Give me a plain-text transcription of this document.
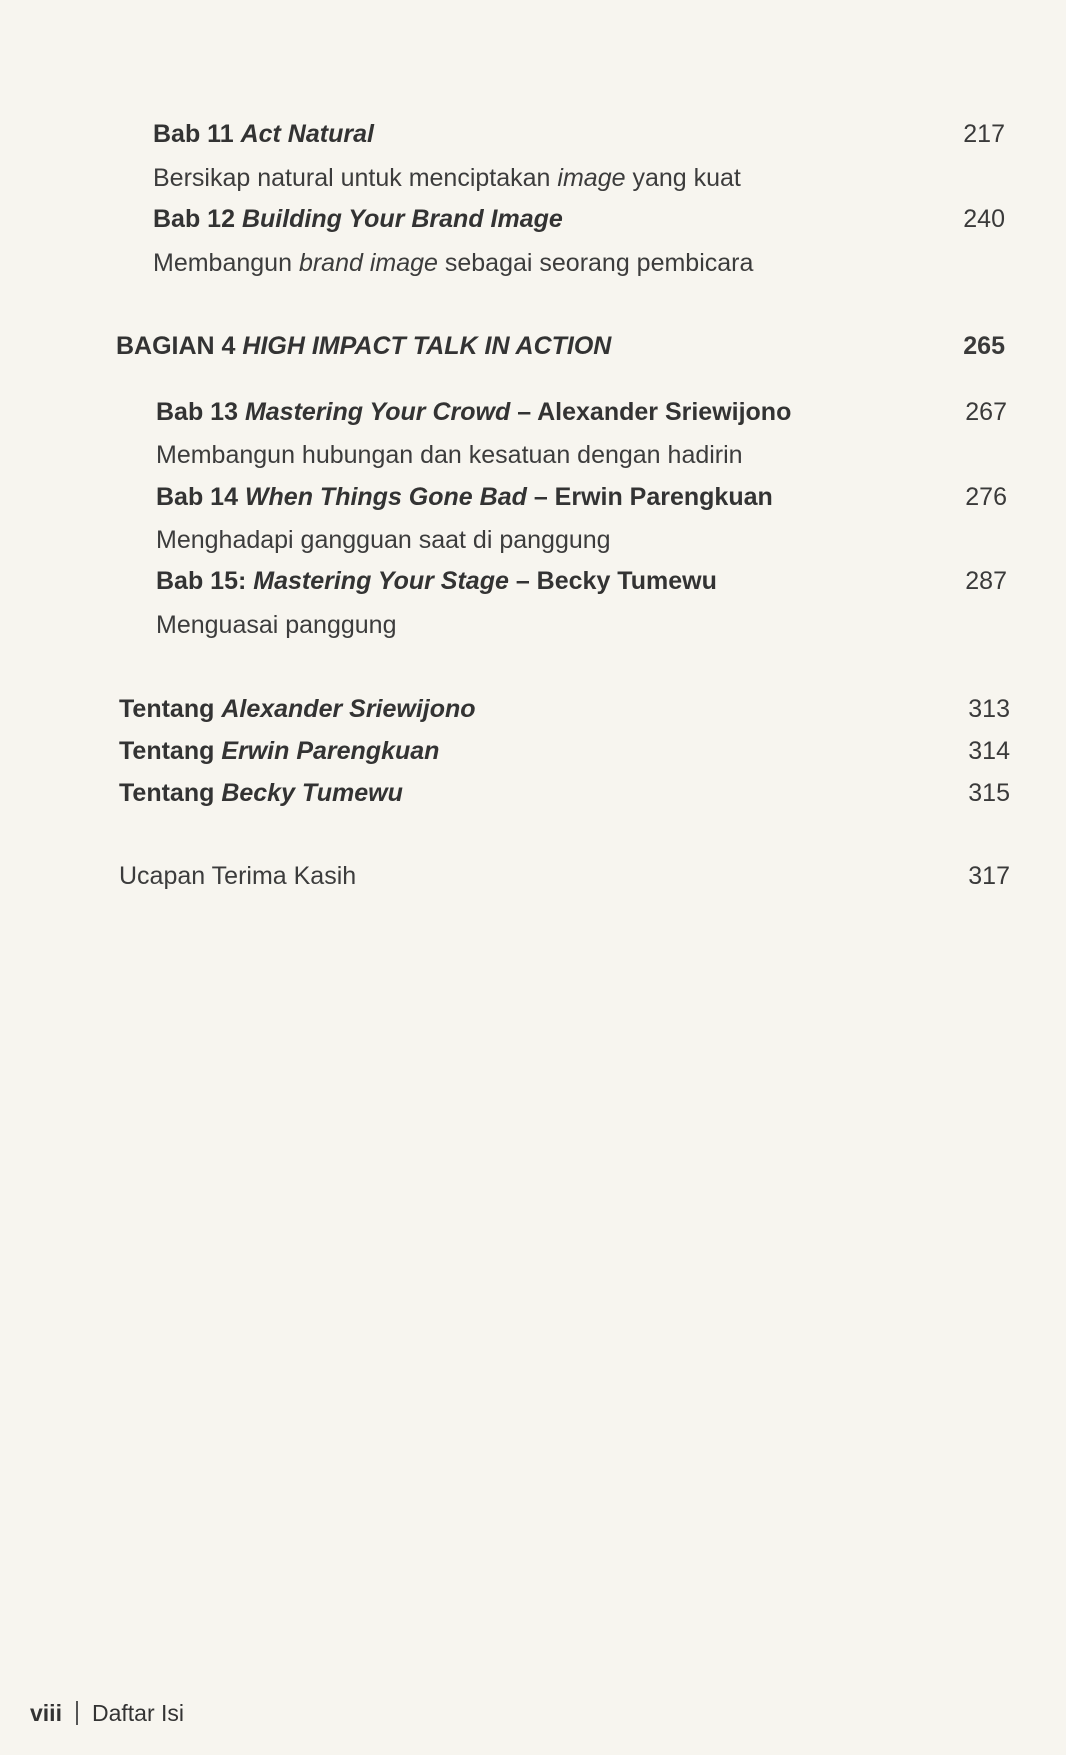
Bab 11 Act Natural	217
Bersikap natural untuk menciptakan image yang kuat
Bab 12 Building Your Brand Image	240
Membangun brand image sebagai seorang pembicara
BAGIAN 4 HIGH IMPACT TALK IN ACTION	265
Bab 13 Mastering Your Crowd – Alexander Sriewijono	267
Membangun hubungan dan kesatuan dengan hadirin
Bab 14 When Things Gone Bad – Erwin Parengkuan	276
Menghadapi gangguan saat di panggung
Bab 15: Mastering Your Stage – Becky Tumewu	287
Menguasai panggung
Tentang Alexander Sriewijono	313
Tentang Erwin Parengkuan	314
Tentang Becky Tumewu	315
Ucapan Terima Kasih	317
viii Daftar Isi
